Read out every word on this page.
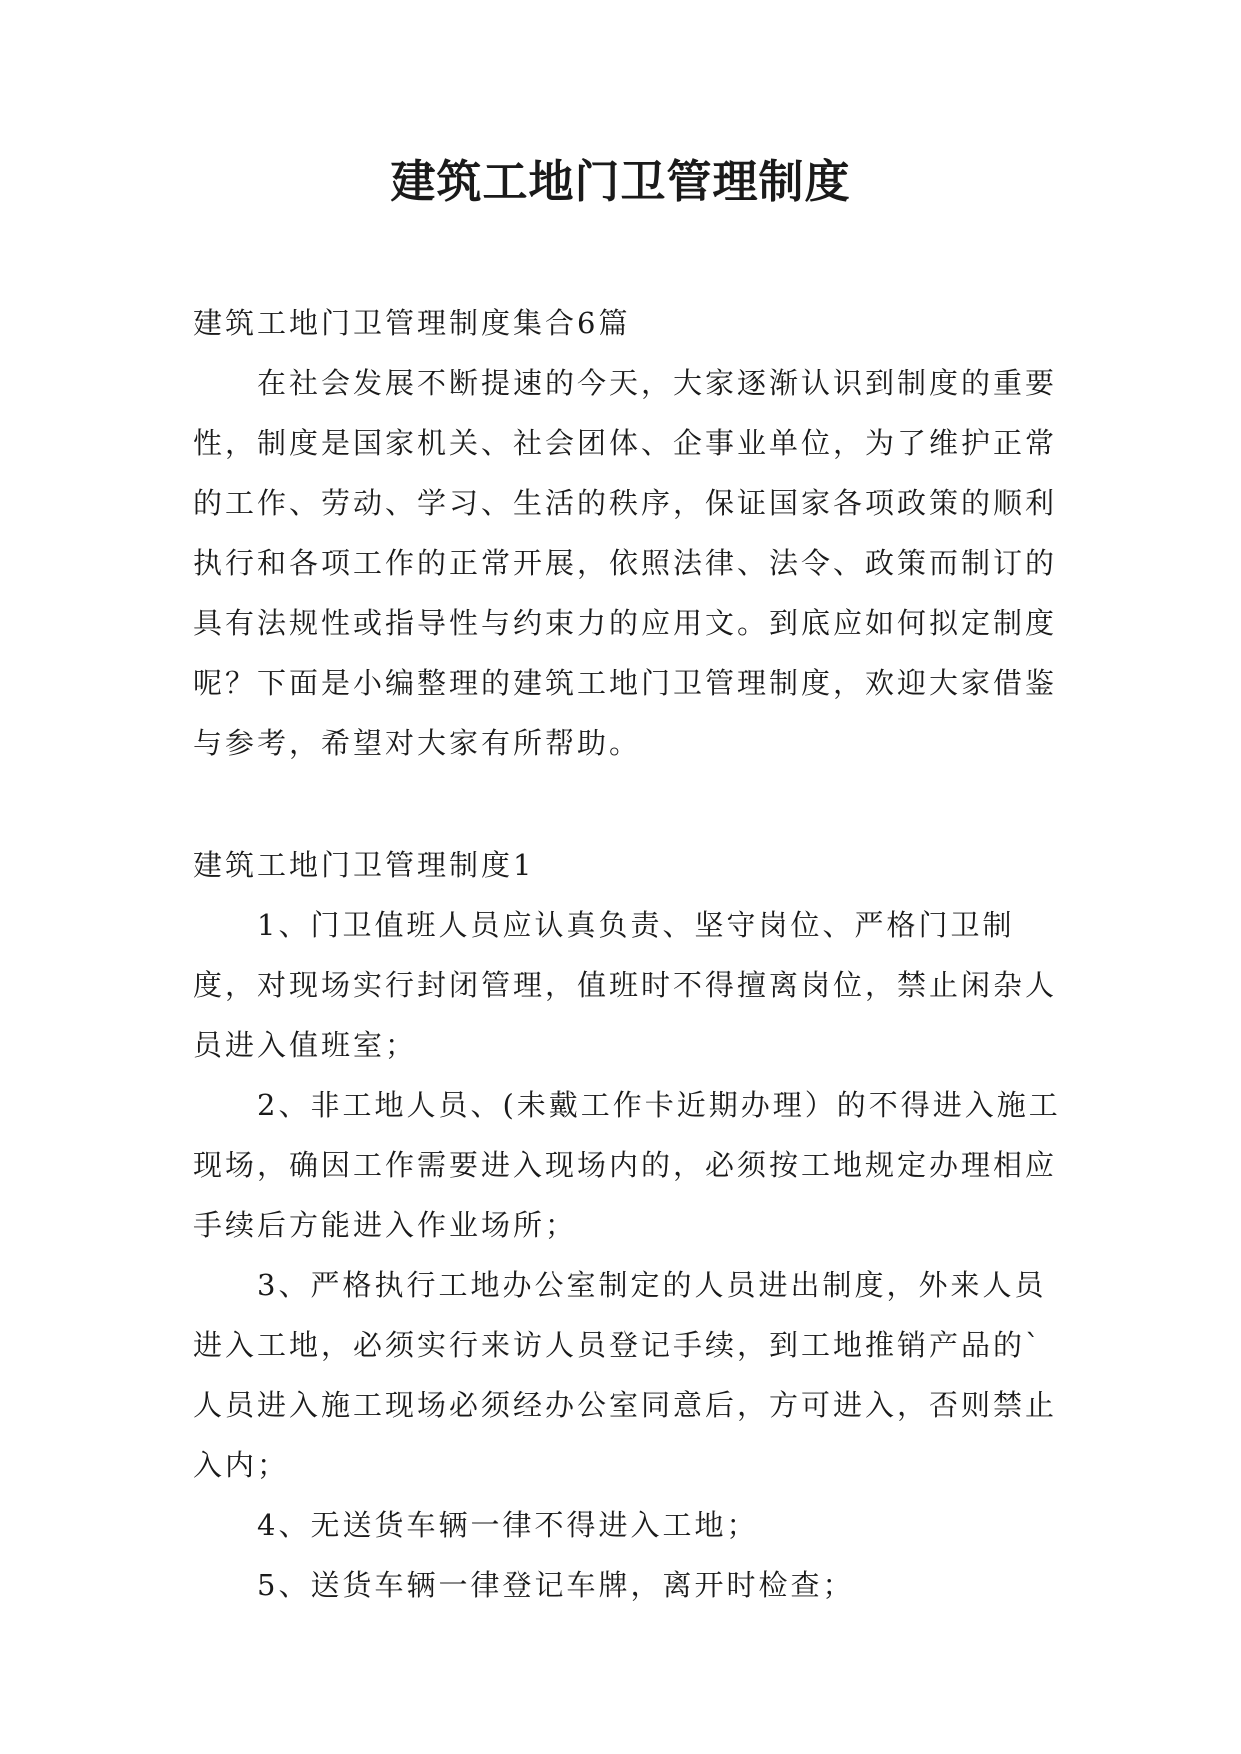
建筑工地门卫管理制度

建筑工地门卫管理制度集合6篇

在社会发展不断提速的今天，大家逐渐认识到制度的重要性，制度是国家机关、社会团体、企事业单位，为了维护正常的工作、劳动、学习、生活的秩序，保证国家各项政策的顺利执行和各项工作的正常开展，依照法律、法令、政策而制订的具有法规性或指导性与约束力的应用文。到底应如何拟定制度呢？下面是小编整理的建筑工地门卫管理制度，欢迎大家借鉴与参考，希望对大家有所帮助。

建筑工地门卫管理制度1

1、门卫值班人员应认真负责、坚守岗位、严格门卫制度，对现场实行封闭管理，值班时不得擅离岗位，禁止闲杂人员进入值班室；

2、非工地人员、(未戴工作卡近期办理）的不得进入施工现场，确因工作需要进入现场内的，必须按工地规定办理相应手续后方能进入作业场所；

3、严格执行工地办公室制定的人员进出制度，外来人员进入工地，必须实行来访人员登记手续，到工地推销产品的`人员进入施工现场必须经办公室同意后，方可进入，否则禁止入内；

4、无送货车辆一律不得进入工地；

5、送货车辆一律登记车牌，离开时检查；
